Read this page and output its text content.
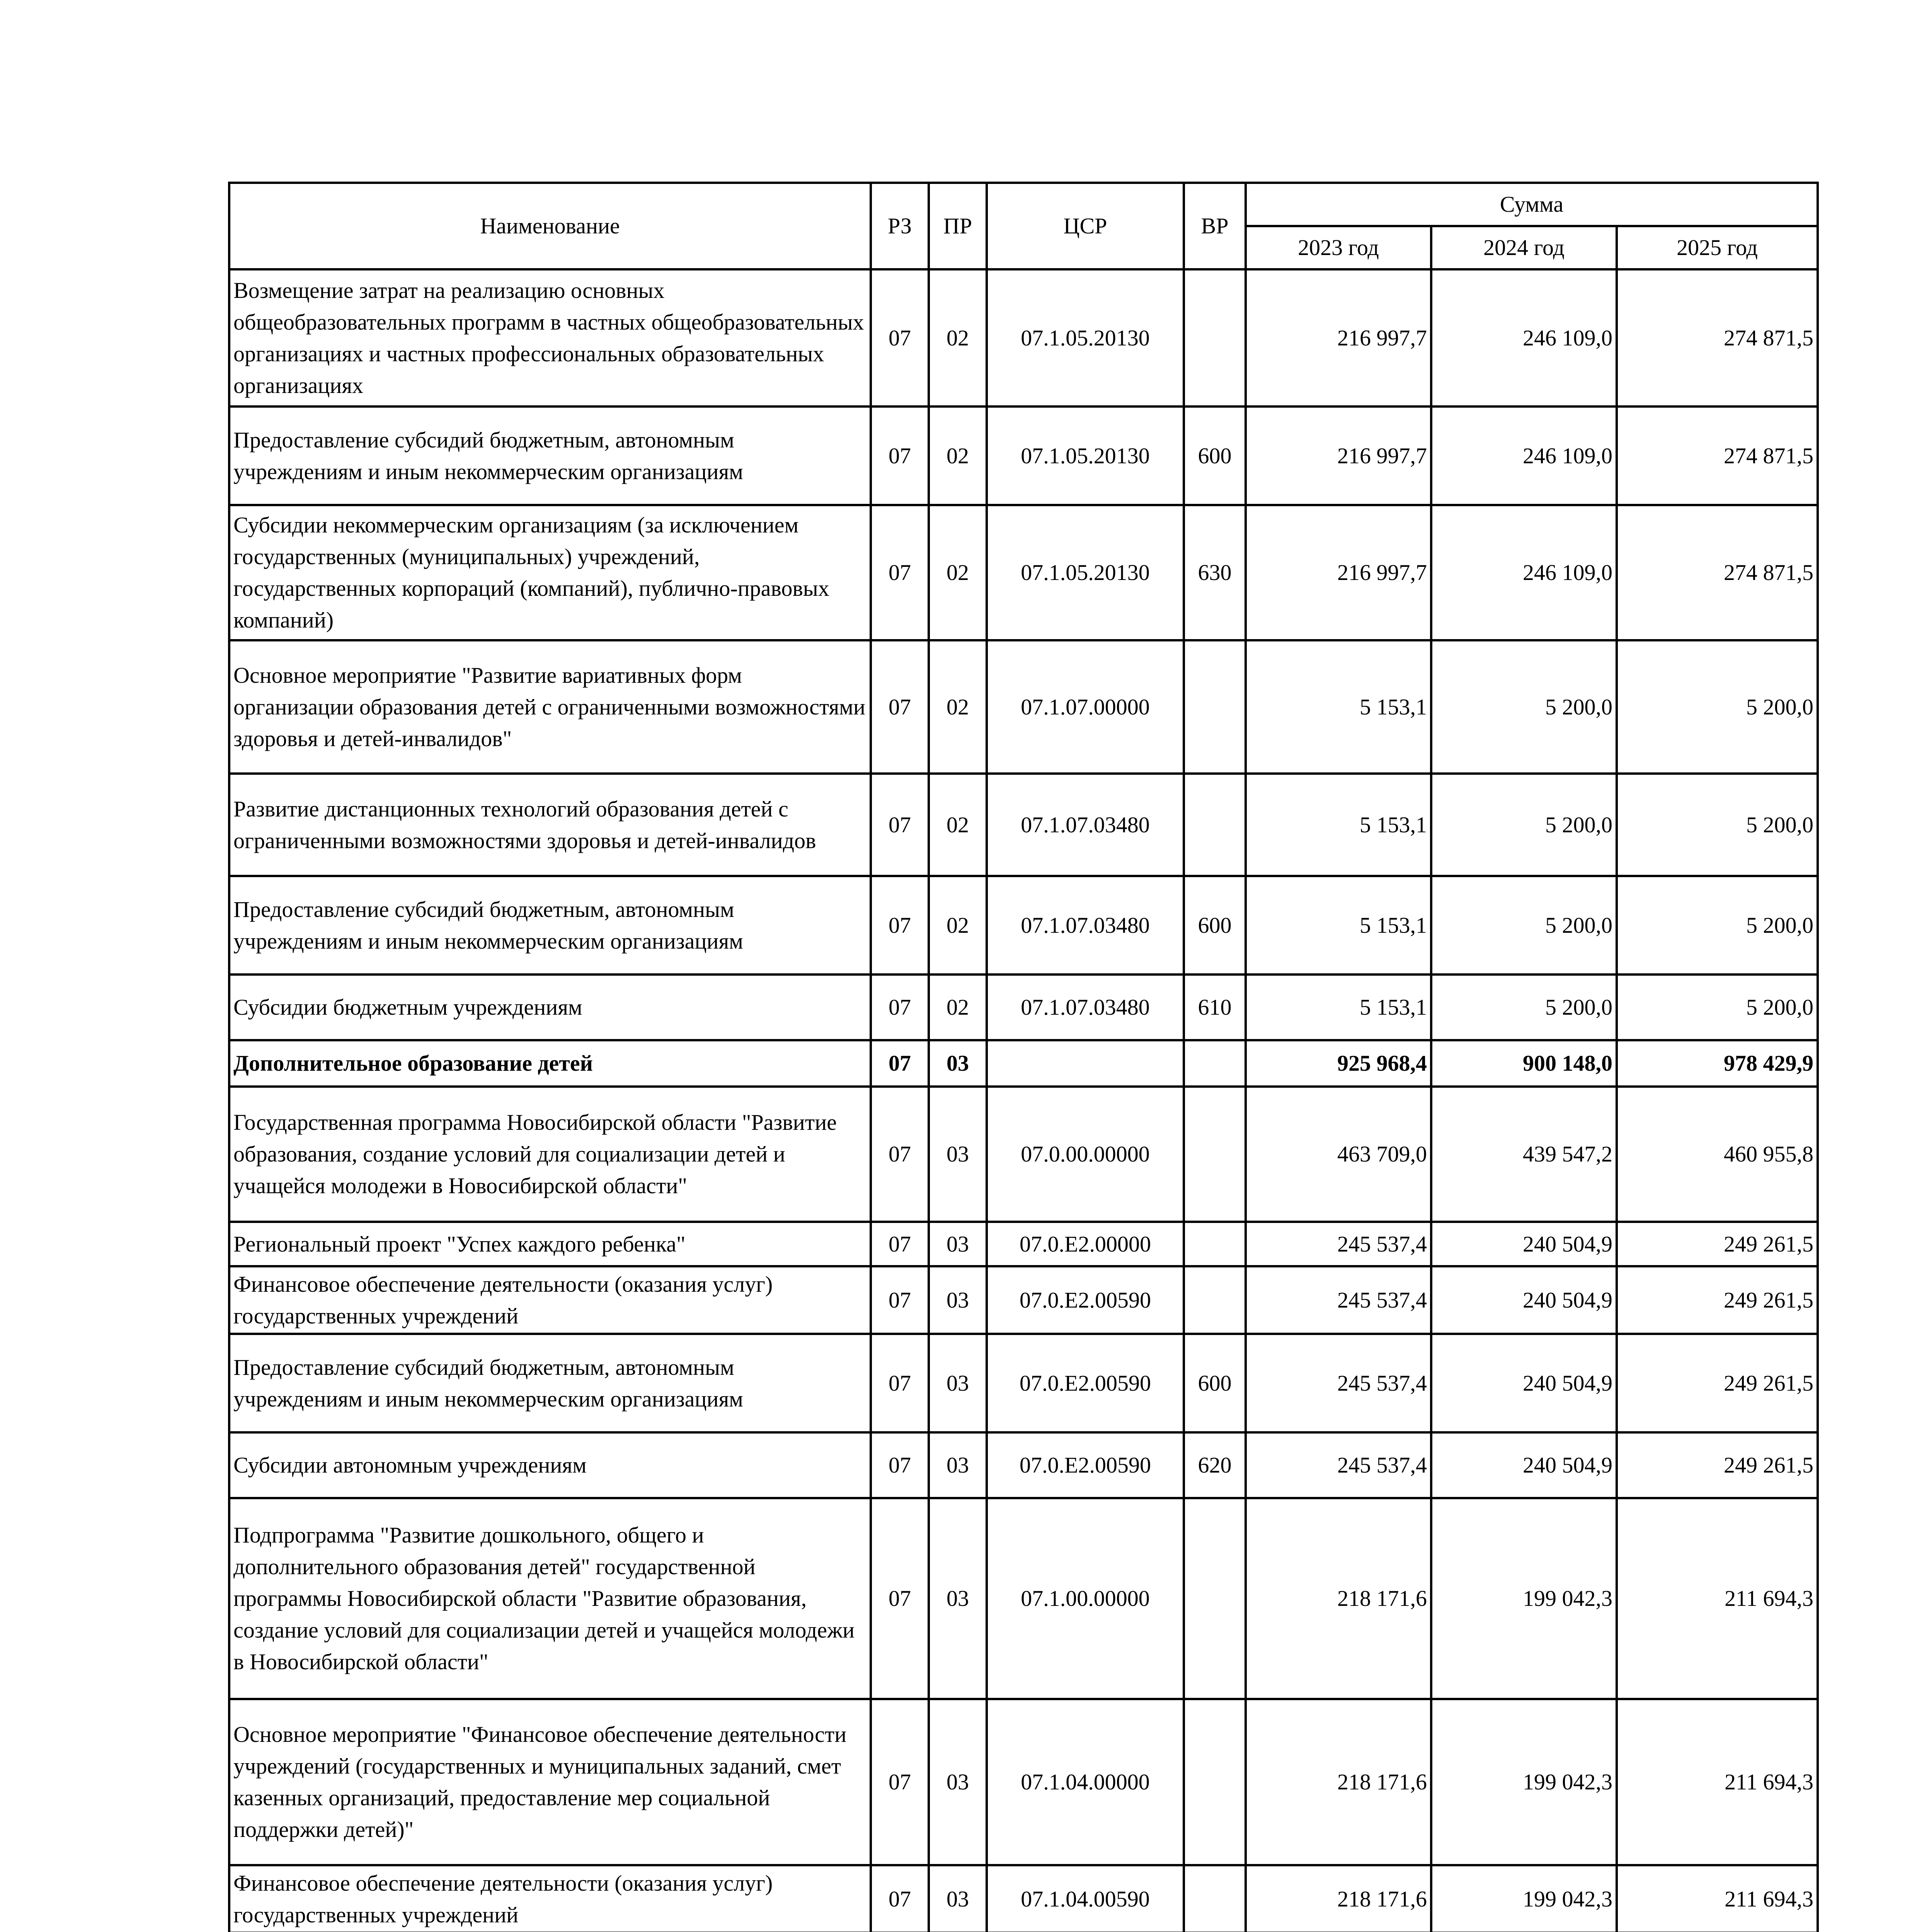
Наименование	РЗ	ПР	ЦСР	ВР	Сумма		
					2023 год	2024 год	2025 год
Возмещение затрат на реализацию основных общеобразовательных программ в частных общеобразовательных организациях и частных профессиональных образовательных организациях	07	02	07.1.05.20130		216 997,7	246 109,0	274 871,5
Предоставление субсидий бюджетным, автономным учреждениям и иным некоммерческим организациям	07	02	07.1.05.20130	600	216 997,7	246 109,0	274 871,5
Субсидии некоммерческим организациям (за исключением государственных (муниципальных) учреждений, государственных корпораций (компаний), публично-правовых компаний)	07	02	07.1.05.20130	630	216 997,7	246 109,0	274 871,5
Основное мероприятие "Развитие вариативных форм организации образования детей с ограниченными возможностями здоровья и детей-инвалидов"	07	02	07.1.07.00000		5 153,1	5 200,0	5 200,0
Развитие дистанционных технологий образования детей с ограниченными возможностями здоровья и детей-инвалидов	07	02	07.1.07.03480		5 153,1	5 200,0	5 200,0
Предоставление субсидий бюджетным, автономным учреждениям и иным некоммерческим организациям	07	02	07.1.07.03480	600	5 153,1	5 200,0	5 200,0
Субсидии бюджетным учреждениям	07	02	07.1.07.03480	610	5 153,1	5 200,0	5 200,0
Дополнительное образование детей	07	03			925 968,4	900 148,0	978 429,9
Государственная программа Новосибирской области "Развитие образования, создание условий для социализации детей и учащейся молодежи в Новосибирской области"	07	03	07.0.00.00000		463 709,0	439 547,2	460 955,8
Региональный проект "Успех каждого ребенка"	07	03	07.0.E2.00000		245 537,4	240 504,9	249 261,5
Финансовое обеспечение деятельности (оказания услуг) государственных учреждений	07	03	07.0.E2.00590		245 537,4	240 504,9	249 261,5
Предоставление субсидий бюджетным, автономным учреждениям и иным некоммерческим организациям	07	03	07.0.E2.00590	600	245 537,4	240 504,9	249 261,5
Субсидии автономным учреждениям	07	03	07.0.E2.00590	620	245 537,4	240 504,9	249 261,5
Подпрограмма "Развитие дошкольного, общего и дополнительного образования детей" государственной программы Новосибирской области "Развитие образования, создание условий для социализации детей и учащейся молодежи в Новосибирской области"	07	03	07.1.00.00000		218 171,6	199 042,3	211 694,3
Основное мероприятие "Финансовое обеспечение деятельности учреждений (государственных и муниципальных заданий, смет казенных организаций, предоставление мер социальной поддержки детей)"	07	03	07.1.04.00000		218 171,6	199 042,3	211 694,3
Финансовое обеспечение деятельности (оказания услуг) государственных учреждений	07	03	07.1.04.00590		218 171,6	199 042,3	211 694,3
